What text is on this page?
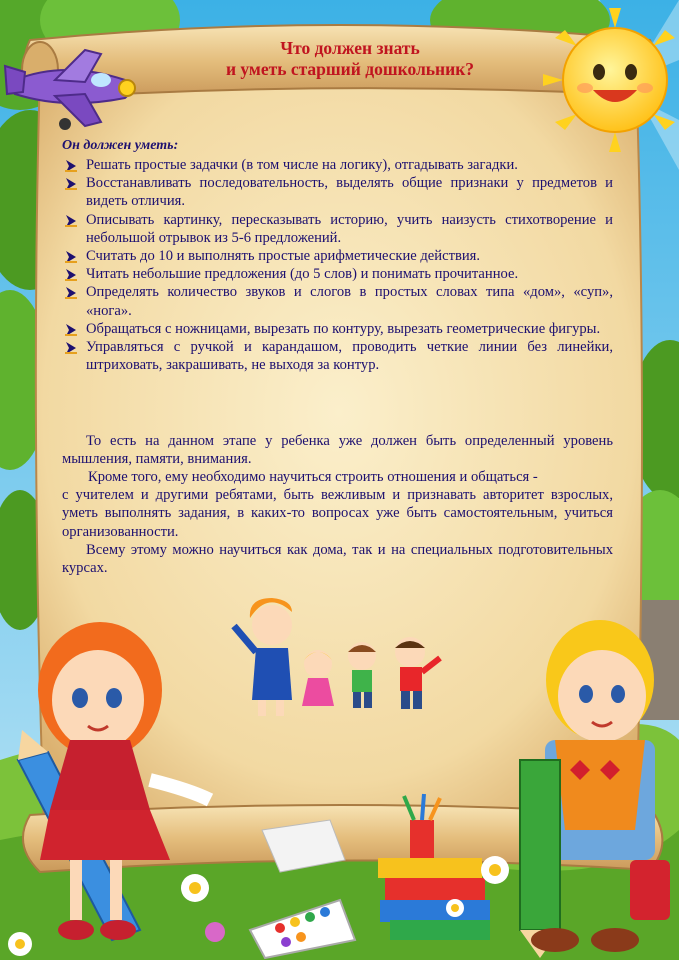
Что должен знать
и уметь старший дошкольник?
Он должен уметь:
Решать простые задачки (в том числе на логику), отгадывать загадки.
Восстанавливать последовательность, выделять общие признаки у предметов и видеть отличия.
Описывать картинку, пересказывать историю, учить наизусть стихотворение и небольшой отрывок из 5-6 предложений.
Считать до 10 и выполнять простые арифметические действия.
Читать небольшие предложения (до 5 слов) и понимать прочитанное.
Определять количество звуков и слогов в простых словах типа «дом», «суп», «нога».
Обращаться с ножницами, вырезать по контуру, вырезать геометрические фигуры.
Управляться с ручкой и карандашом, проводить четкие линии без линейки, штриховать, закрашивать, не выходя за контур.

То есть на данном этапе у ребенка уже должен быть определенный уровень мышления, памяти, внимания.

Кроме того, ему необходимо научиться строить отношения и общаться -
с учителем и другими ребятами, быть вежливым и признавать авторитет взрослых, уметь выполнять задания, в каких-то вопросах уже быть самостоятельным, учиться организованности.

Всему этому можно научиться как дома, так и на специальных подготовительных курсах.
